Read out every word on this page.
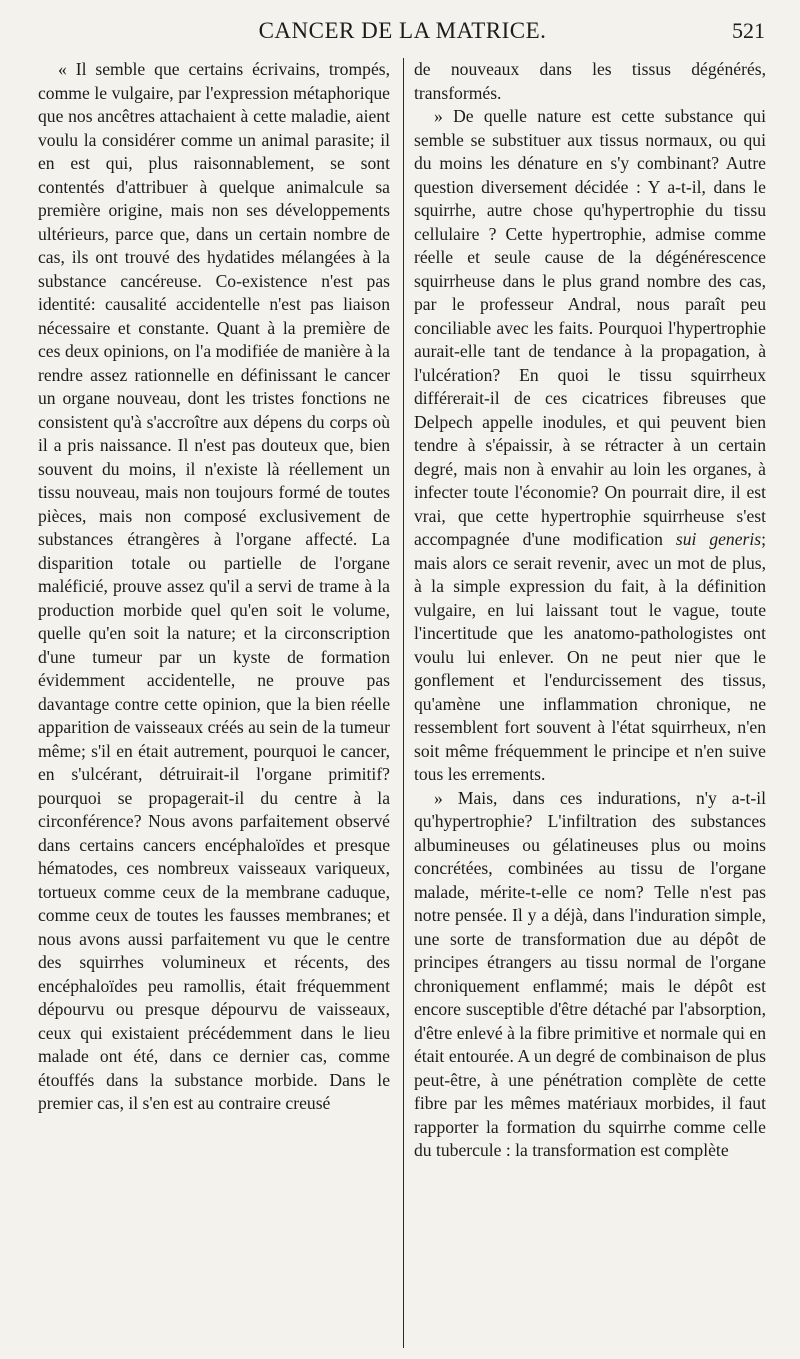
CANCER DE LA MATRICE.	521

« Il semble que certains écrivains, trompés, comme le vulgaire, par l'expression métaphorique que nos ancêtres attachaient à cette maladie, aient voulu la considérer comme un animal parasite; il en est qui, plus raisonnablement, se sont contentés d'attribuer à quelque animalcule sa première origine, mais non ses développements ultérieurs, parce que, dans un certain nombre de cas, ils ont trouvé des hydatides mélangées à la substance cancéreuse. Co-existence n'est pas identité: causalité accidentelle n'est pas liaison nécessaire et constante. Quant à la première de ces deux opinions, on l'a modifiée de manière à la rendre assez rationnelle en définissant le cancer un organe nouveau, dont les tristes fonctions ne consistent qu'à s'accroître aux dépens du corps où il a pris naissance. Il n'est pas douteux que, bien souvent du moins, il n'existe là réellement un tissu nouveau, mais non toujours formé de toutes pièces, mais non composé exclusivement de substances étrangères à l'organe affecté. La disparition totale ou partielle de l'organe maléficié, prouve assez qu'il a servi de trame à la production morbide quel qu'en soit le volume, quelle qu'en soit la nature; et la circonscription d'une tumeur par un kyste de formation évidemment accidentelle, ne prouve pas davantage contre cette opinion, que la bien réelle apparition de vaisseaux créés au sein de la tumeur même; s'il en était autrement, pourquoi le cancer, en s'ulcérant, détruirait-il l'organe primitif? pourquoi se propagerait-il du centre à la circonférence? Nous avons parfaitement observé dans certains cancers encéphaloïdes et presque hématodes, ces nombreux vaisseaux variqueux, tortueux comme ceux de la membrane caduque, comme ceux de toutes les fausses membranes; et nous avons aussi parfaitement vu que le centre des squirrhes volumineux et récents, des encéphaloïdes peu ramollis, était fréquemment dépourvu ou presque dépourvu de vaisseaux, ceux qui existaient précédemment dans le lieu malade ont été, dans ce dernier cas, comme étouffés dans la substance morbide. Dans le premier cas, il s'en est au contraire creusé

de nouveaux dans les tissus dégénérés, transformés.

» De quelle nature est cette substance qui semble se substituer aux tissus normaux, ou qui du moins les dénature en s'y combinant? Autre question diversement décidée : Y a-t-il, dans le squirrhe, autre chose qu'hypertrophie du tissu cellulaire ? Cette hypertrophie, admise comme réelle et seule cause de la dégénérescence squirrheuse dans le plus grand nombre des cas, par le professeur Andral, nous paraît peu conciliable avec les faits. Pourquoi l'hypertrophie aurait-elle tant de tendance à la propagation, à l'ulcération? En quoi le tissu squirrheux différerait-il de ces cicatrices fibreuses que Delpech appelle inodules, et qui peuvent bien tendre à s'épaissir, à se rétracter à un certain degré, mais non à envahir au loin les organes, à infecter toute l'économie? On pourrait dire, il est vrai, que cette hypertrophie squirrheuse s'est accompagnée d'une modification sui generis; mais alors ce serait revenir, avec un mot de plus, à la simple expression du fait, à la définition vulgaire, en lui laissant tout le vague, toute l'incertitude que les anatomo-pathologistes ont voulu lui enlever. On ne peut nier que le gonflement et l'endurcissement des tissus, qu'amène une inflammation chronique, ne ressemblent fort souvent à l'état squirrheux, n'en soit même fréquemment le principe et n'en suive tous les errements.

» Mais, dans ces indurations, n'y a-t-il qu'hypertrophie? L'infiltration des substances albumineuses ou gélatineuses plus ou moins concrétées, combinées au tissu de l'organe malade, mérite-t-elle ce nom? Telle n'est pas notre pensée. Il y a déjà, dans l'induration simple, une sorte de transformation due au dépôt de principes étrangers au tissu normal de l'organe chroniquement enflammé; mais le dépôt est encore susceptible d'être détaché par l'absorption, d'être enlevé à la fibre primitive et normale qui en était entourée. A un degré de combinaison de plus peut-être, à une pénétration complète de cette fibre par les mêmes matériaux morbides, il faut rapporter la formation du squirrhe comme celle du tubercule : la transformation est complète
